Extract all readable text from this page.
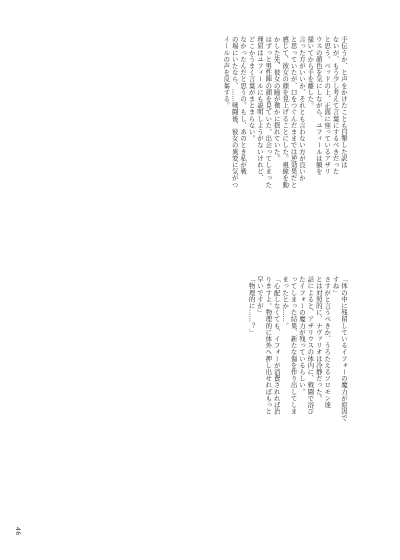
手伝うか、と声をかけたことも目撃した訳は
ないが、もう少し考えて言葉にするべきだった
と思う。ベッドの上、正面に座っているアザリ
ウスの顔色を気にしながら、ユフィールは額を
掻いてから手を離した。
言った方がいいか、それとも言わない方が良いか
と思っていたが、口をつぐんだままでは逆効果だと
感じて、彼女の顔を見上げることにした。視線を動
かした先、彼女の瞳が微かに揺れていた。
はずっと男性陣の顔を見ていた。出会ってしまった
理屈はユフィールにも説明しようがないけれど、
どこかうまく言葉がまとまらない。
なかったんだと思うの。もし、あのとき私が戦
の場にいたなら、……戦闘後、彼女の異変に気がつ
イールの声を反芻する。
「体の中に残留しているイフォーの魔力が原因で
すね」
さすがと言うべきか、うろたえるソロモン達
とは対照的に、ナヴァリオは冷静だった。
話によると、アザリウスの体内に、戦闘で浴び
たイフォーの魔力が残っているらしい。
ってしまった結果、新たな傷を作り出してしま
まったとか……。
「心配しなくても、イフォーが消費されれば治
りますよ。物理的に体外へ押し出せればもっと
早いですが」
「物理的に……？」
46
